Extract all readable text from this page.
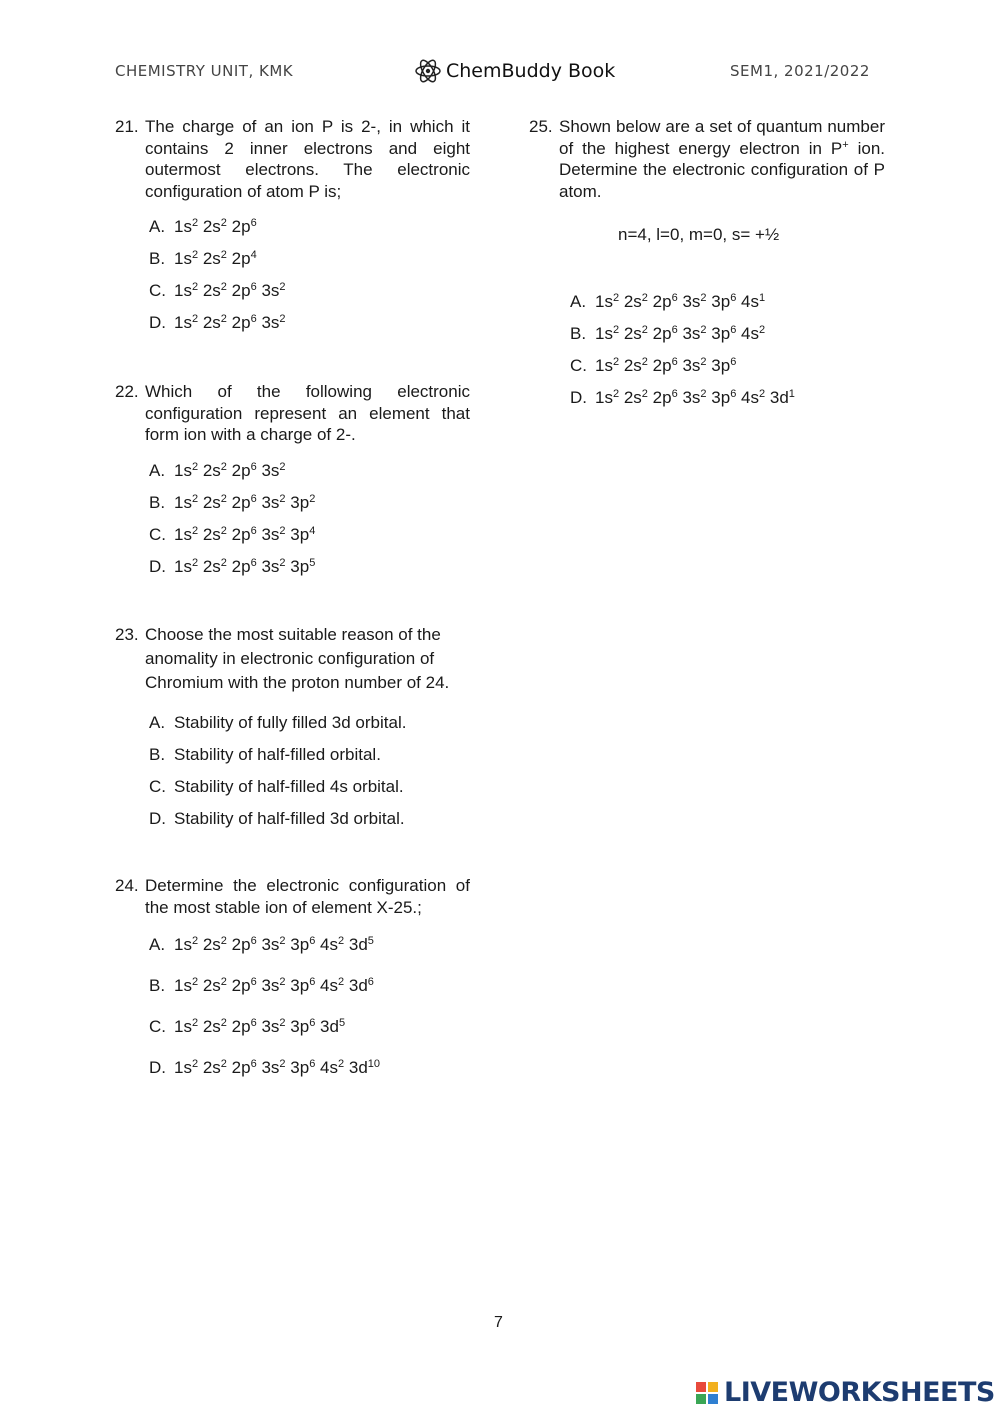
CHEMISTRY UNIT, KMK	ChemBuddy Book	SEM1, 2021/2022
21. The charge of an ion P is 2-, in which it contains 2 inner electrons and eight outermost electrons. The electronic configuration of atom P is;
A. $1s^2$ $2s^2$ $2p^6$
B. $1s^2$ $2s^2$ $2p^4$
C. $1s^2$ $2s^2$ $2p^6$ $3s^2$
D. $1s^2$ $2s^2$ $2p^6$ $3s^2$
22. Which of the following electronic configuration represent an element that form ion with a charge of 2-.
A. $1s^2$ $2s^2$ $2p^6$ $3s^2$
B. $1s^2$ $2s^2$ $2p^6$ $3s^2$ $3p^2$
C. $1s^2$ $2s^2$ $2p^6$ $3s^2$ $3p^4$
D. $1s^2$ $2s^2$ $2p^6$ $3s^2$ $3p^5$
23. Choose the most suitable reason of the anomality in electronic configuration of Chromium with the proton number of 24.
A. Stability of fully filled 3d orbital.
B. Stability of half-filled orbital.
C. Stability of half-filled 4s orbital.
D. Stability of half-filled 3d orbital.
24. Determine the electronic configuration of the most stable ion of element X-25.;
A. $1s^2$ $2s^2$ $2p^6$ $3s^2$ $3p^6$ $4s^2$ $3d^5$
B. $1s^2$ $2s^2$ $2p^6$ $3s^2$ $3p^6$ $4s^2$ $3d^6$
C. $1s^2$ $2s^2$ $2p^6$ $3s^2$ $3p^6$ $3d^5$
D. $1s^2$ $2s^2$ $2p^6$ $3s^2$ $3p^6$ $4s^2$ $3d^{10}$
25. Shown below are a set of quantum number of the highest energy electron in P+ ion. Determine the electronic configuration of P atom.
n=4, l=0, m=0, s= +½
A. $1s^2$ $2s^2$ $2p^6$ $3s^2$ $3p^6$ $4s^1$
B. $1s^2$ $2s^2$ $2p^6$ $3s^2$ $3p^6$ $4s^2$
C. $1s^2$ $2s^2$ $2p^6$ $3s^2$ $3p^6$
D. $1s^2$ $2s^2$ $2p^6$ $3s^2$ $3p^6$ $4s^2$ $3d^1$
7
LIVEWORKSHEETS
